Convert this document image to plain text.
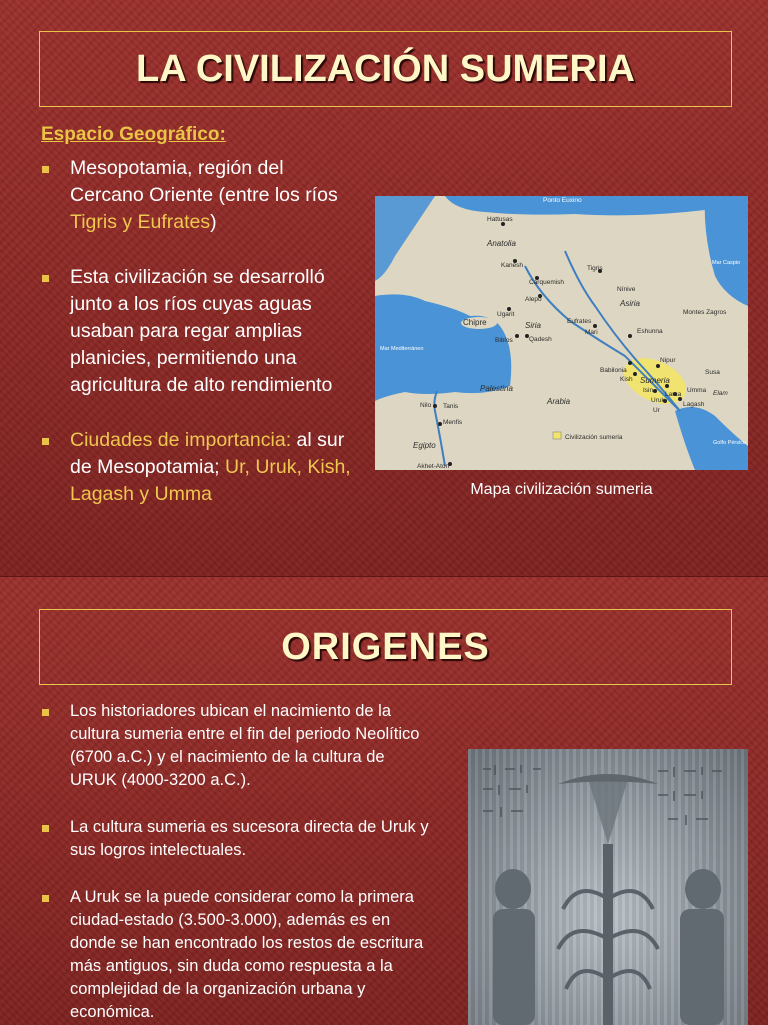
LA CIVILIZACIÓN SUMERIA
Espacio Geográfico:
Mesopotamia, región del Cercano Oriente (entre los ríos Tigris y Eufrates)
Esta civilización se desarrolló junto a los ríos cuyas aguas usaban para regar amplias planicies, permitiendo una agricultura de alto rendimiento
Ciudades de importancia: al sur de Mesopotamia; Ur, Uruk, Kish, Lagash y Umma
Ponto Euxino
Hattusas
Anatolia
Kanesh
Carquemish
Tigris
Asiria
Nínive
Mar Caspio
Alepo
Ugarit
Chipre	Siria	Eufrates
Mari	Eshunna
Montes Zagros
Biblos	Qadesh
Mar Mediterráneo
Babilonia
Kish
Nipur
Sumeria
Isin	Umma
Larsa
Susa
Elam
Uruk
Ur
Lagash
Palestina
Arabia
Nilo Tanis
Menfis
Egipto
Akhet-Aton
Golfo Pérsico
Civilización sumeria
Mapa civilización sumeria
ORIGENES
Los historiadores ubican el nacimiento de la cultura sumeria entre el fin del periodo Neolítico (6700 a.C.) y el nacimiento de la cultura de URUK (4000-3200 a.C.).
La cultura sumeria es sucesora directa de Uruk y sus logros intelectuales.
A Uruk se la puede considerar como la primera ciudad-estado (3.500-3.000), además es en donde se han encontrado los restos de escritura más antiguos, sin duda como respuesta a la complejidad de la organización urbana y económica.
